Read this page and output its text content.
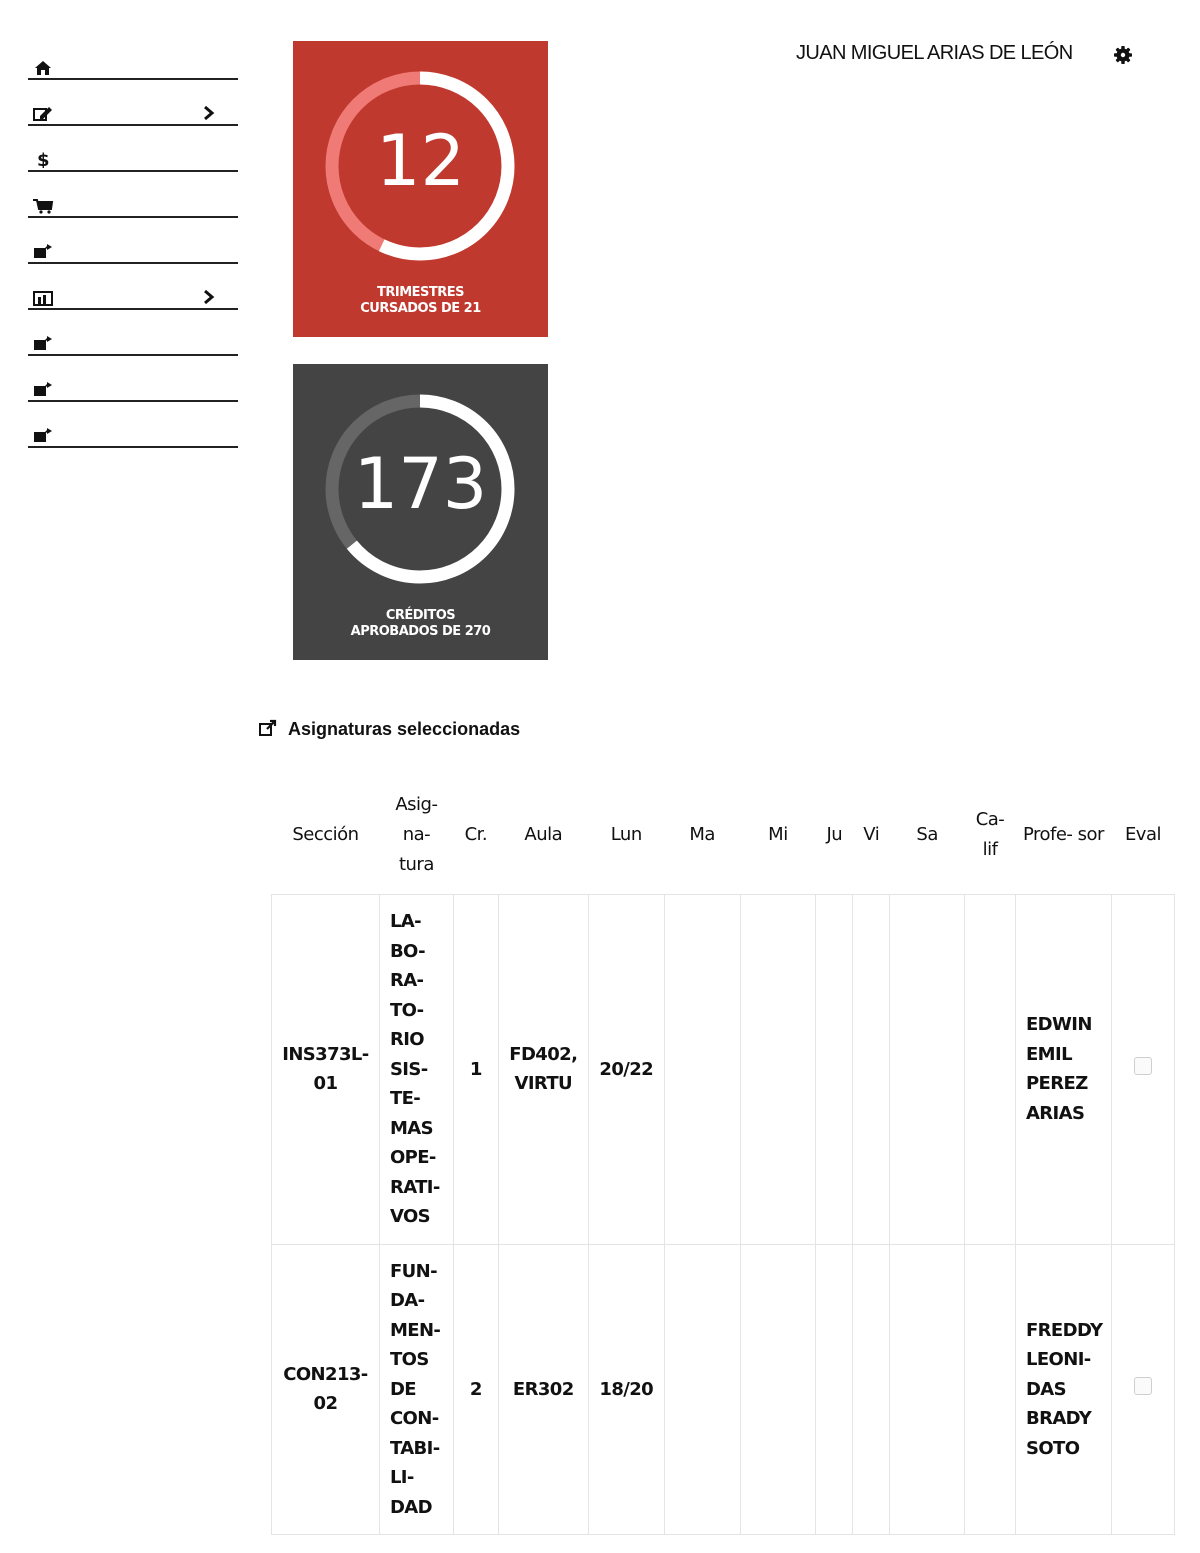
$	12
TRIMESTRES
CURSADOS DE 21
173
CRÉDITOS
APROBADOS DE 270
JUAN MIGUEL ARIAS DE LEÓN
Asignaturas seleccionadas
Sección	Asig- na- tura	Cr.	Aula	Lun	Ma	Mi	Ju	Vi	Sa	Ca- lif	Profe- sor	Eval
INS373L- 01	LA- BO- RA- TO- RIO SIS- TE- MAS OPE- RATI- VOS	1	FD402, VIRTU	20/22							EDWIN EMIL PEREZ ARIAS	
CON213- 02	FUN- DA- MEN- TOS DE CON- TABI- LI- DAD	2	ER302	18/20							FREDDY LEONI- DAS BRADY SOTO	
